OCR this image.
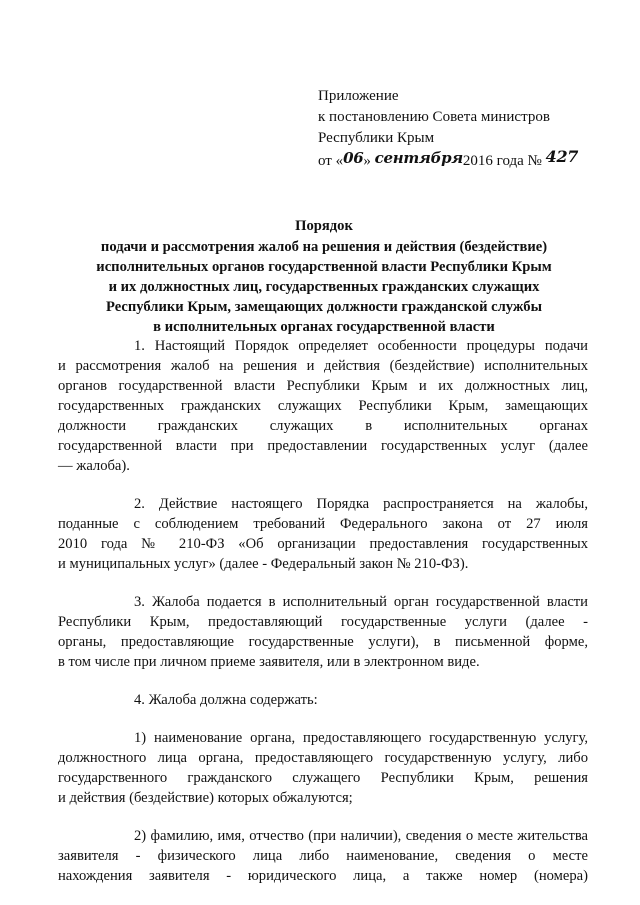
Приложение
к постановлению Совета министров
Республики Крым
от «06» сентября2016 года № 427
Порядок
подачи и рассмотрения жалоб на решения и действия (бездействие)
исполнительных органов государственной власти Республики Крым
и их должностных лиц, государственных гражданских служащих
Республики Крым, замещающих должности гражданской службы
в исполнительных органах государственной власти
1. Настоящий Порядок определяет особенности процедуры подачи
и рассмотрения жалоб на решения и действия (бездействие) исполнительных
органов государственной власти Республики Крым и их должностных лиц,
государственных гражданских служащих Республики Крым, замещающих
должности гражданских служащих в исполнительных органах
государственной власти при предоставлении государственных услуг (далее
— жалоба).
2. Действие настоящего Порядка распространяется на жалобы,
поданные с соблюдением требований Федерального закона от 27 июля
2010 года № 210-ФЗ «Об организации предоставления государственных
и муниципальных услуг» (далее - Федеральный закон № 210-ФЗ).
3. Жалоба подается в исполнительный орган государственной власти
Республики Крым, предоставляющий государственные услуги (далее -
органы, предоставляющие государственные услуги), в письменной форме,
в том числе при личном приеме заявителя, или в электронном виде.
4. Жалоба должна содержать:
1) наименование органа, предоставляющего государственную услугу,
должностного лица органа, предоставляющего государственную услугу, либо
государственного гражданского служащего Республики Крым, решения
и действия (бездействие) которых обжалуются;
2) фамилию, имя, отчество (при наличии), сведения о месте жительства
заявителя - физического лица либо наименование, сведения о месте
нахождения заявителя - юридического лица, а также номер (номера)
